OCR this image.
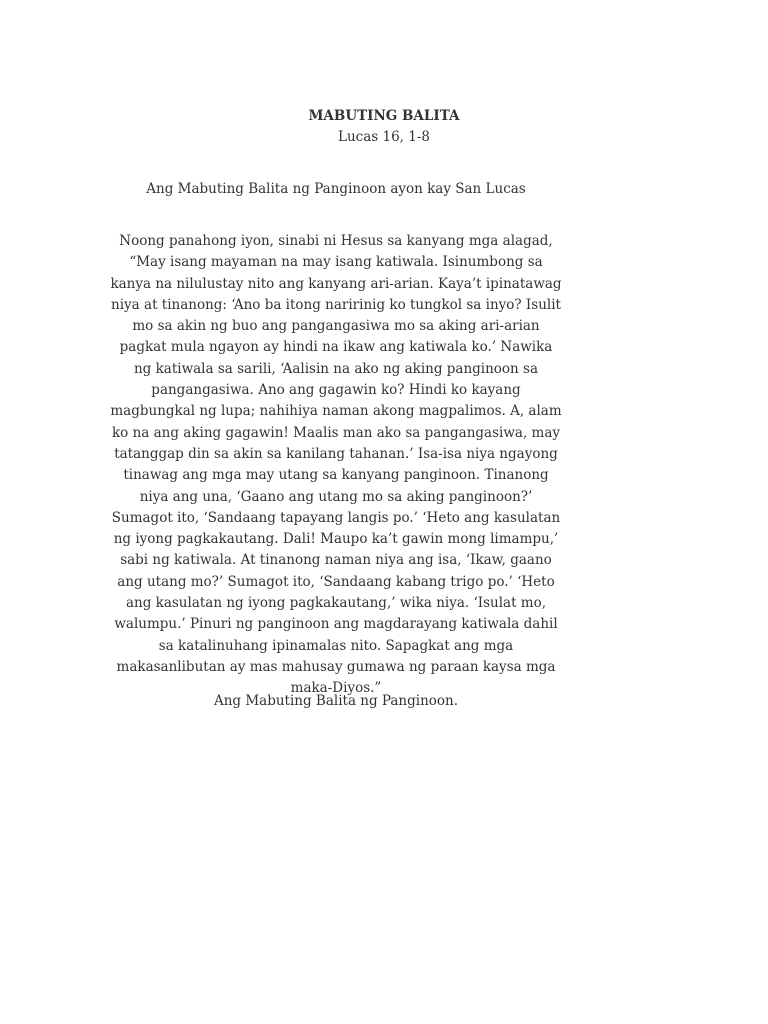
MABUTING BALITA
Lucas 16, 1-8
Ang Mabuting Balita ng Panginoon ayon kay San Lucas

Noong panahong iyon, sinabi ni Hesus sa kanyang mga alagad, “May isang mayaman na may isang katiwala. Isinumbong sa kanya na nilulustay nito ang kanyang ari-arian. Kaya’t ipinatawag niya at tinanong: ‘Ano ba itong naririnig ko tungkol sa inyo? Isulit mo sa akin ng buo ang pangangasiwa mo sa aking ari-arian pagkat mula ngayon ay hindi na ikaw ang katiwala ko.’ Nawika ng katiwala sa sarili, ‘Aalisin na ako ng aking panginoon sa pangangasiwa. Ano ang gagawin ko? Hindi ko kayang magbungkal ng lupa; nahihiya naman akong magpalimos. A, alam ko na ang aking gagawin! Maalis man ako sa pangangasiwa, may tatanggap din sa akin sa kanilang tahanan.’ Isa-isa niya ngayong tinawag ang mga may utang sa kanyang panginoon. Tinanong niya ang una, ‘Gaano ang utang mo sa aking panginoon?’ Sumagot ito, ‘Sandaang tapayang langis po.’ ‘Heto ang kasulatan ng iyong pagkakautang. Dali! Maupo ka’t gawin mong limampu,’ sabi ng katiwala. At tinanong naman niya ang isa, ‘Ikaw, gaano ang utang mo?’ Sumagot ito, ‘Sandaang kabang trigo po.’ ‘Heto ang kasulatan ng iyong pagkakautang,’ wika niya. ‘Isulat mo, walumpu.’ Pinuri ng panginoon ang magdarayang katiwala dahil sa katalinuhang ipinamalas nito. Sapagkat ang mga makasanlibutan ay mas mahusay gumawa ng paraan kaysa mga maka-Diyos.”

Ang Mabuting Balita ng Panginoon.
